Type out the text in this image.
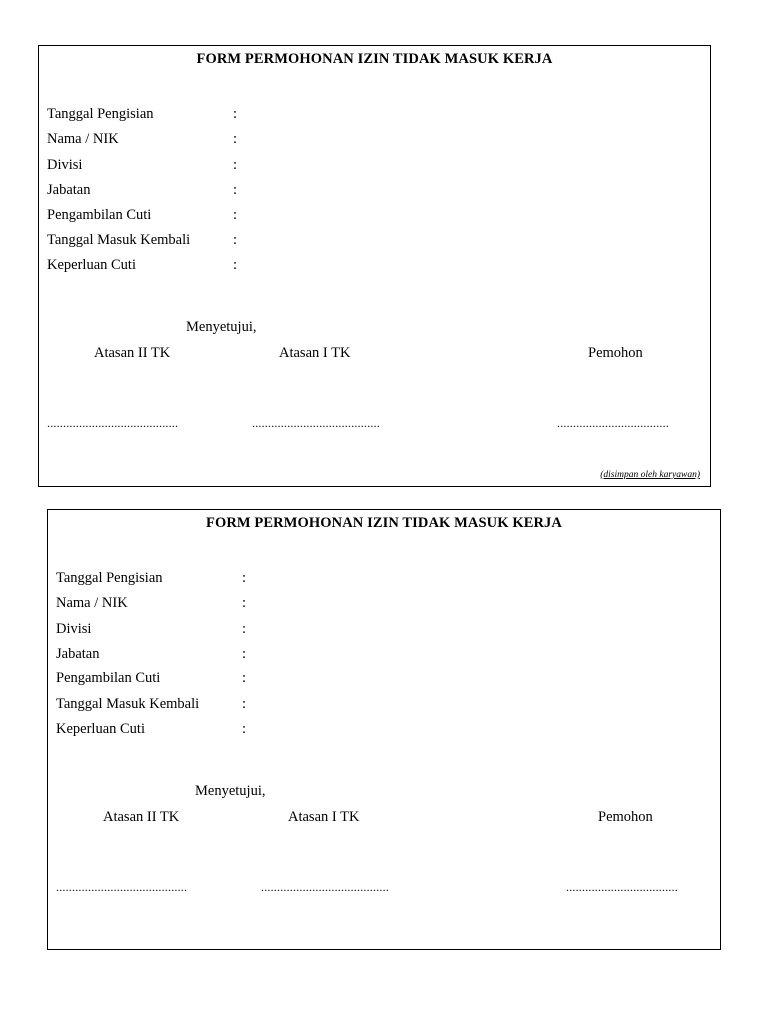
FORM PERMOHONAN IZIN TIDAK MASUK KERJA
Tanggal Pengisian	:
Nama / NIK	:
Divisi	:
Jabatan	:
Pengambilan Cuti	:
Tanggal Masuk Kembali	:
Keperluan Cuti	:
Menyetujui,
Atasan II TK	Atasan I TK	Pemohon
.........................................	........................................	...................................
(disimpan oleh karyawan)
FORM PERMOHONAN IZIN TIDAK MASUK KERJA
Tanggal Pengisian	:
Nama / NIK	:
Divisi	:
Jabatan	:
Pengambilan Cuti	:
Tanggal Masuk Kembali	:
Keperluan Cuti	:
Menyetujui,
Atasan II TK	Atasan I TK	Pemohon
.........................................	........................................	...................................
